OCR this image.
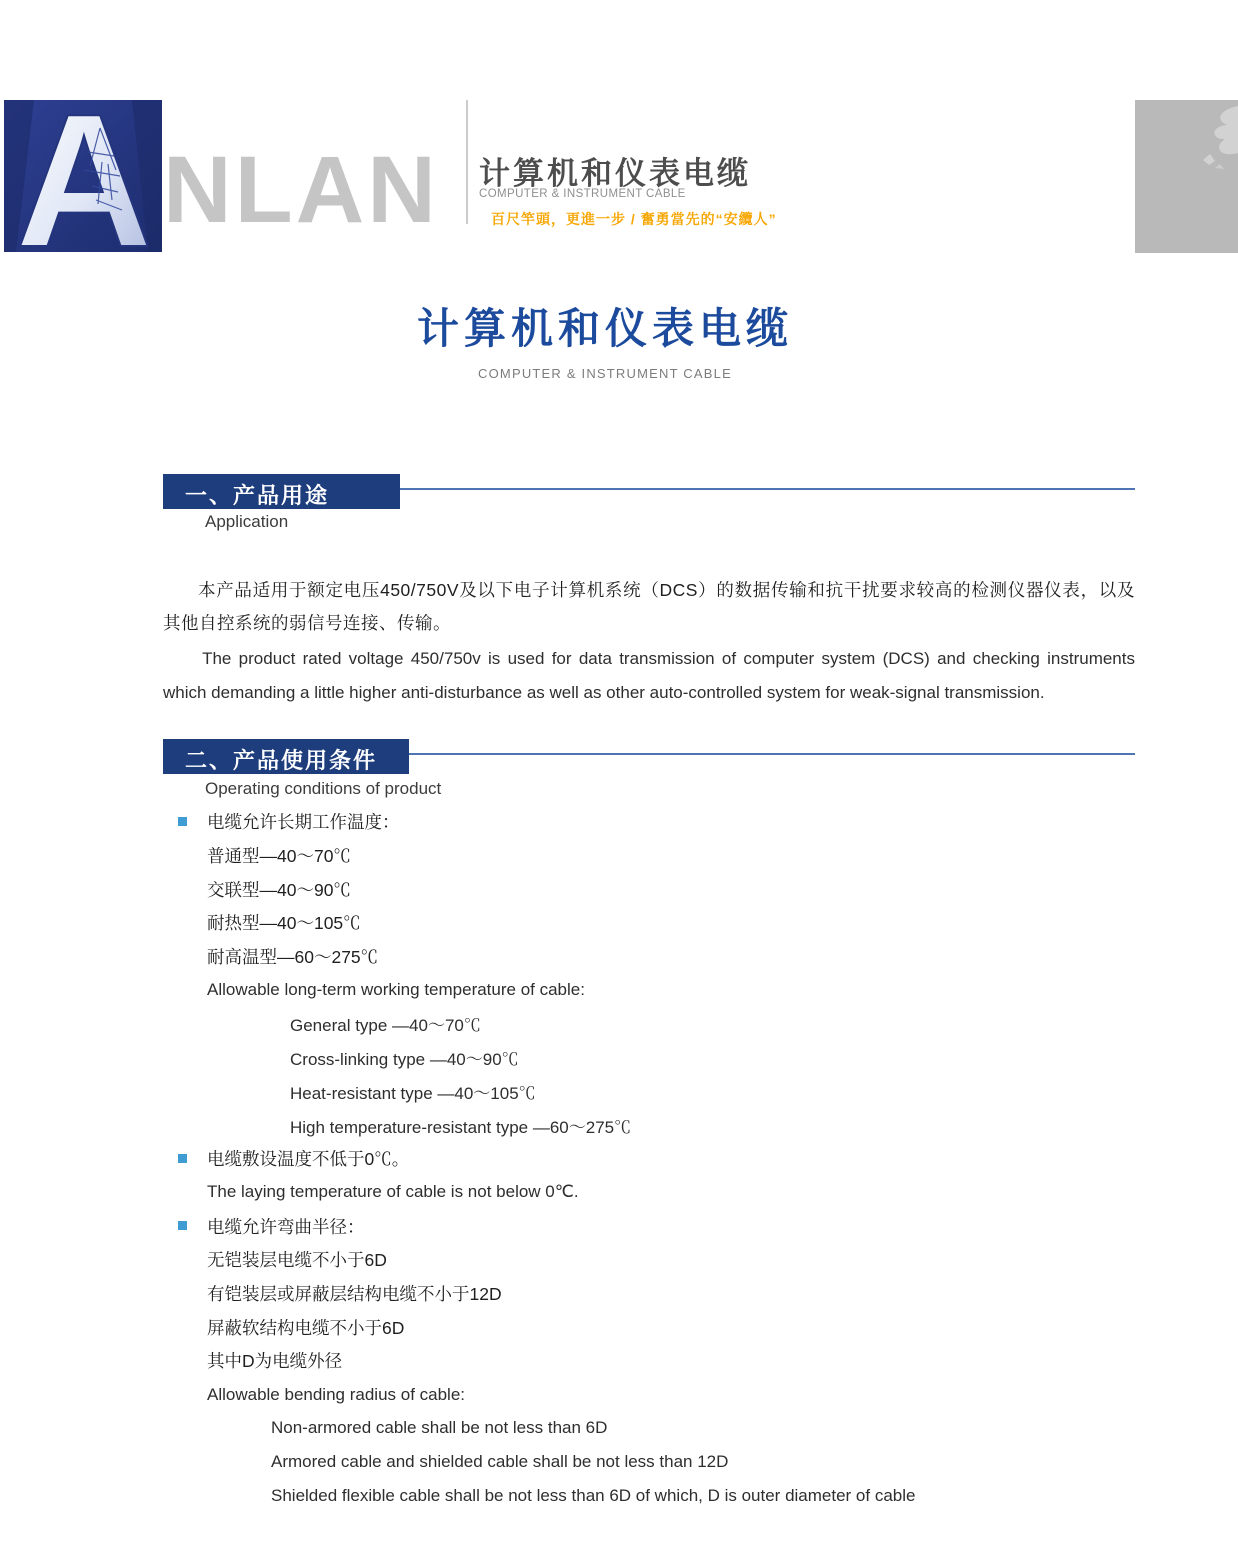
A NLAN 计算机和仪表电缆
COMPUTER & INSTRUMENT CABLE
百尺竿頭，更進一步 / 奮勇當先的“安纜人”
计算机和仪表电缆
COMPUTER & INSTRUMENT CABLE
一、产品用途
Application

本产品适用于额定电压450/750V及以下电子计算机系统（DCS）的数据传输和抗干扰要求较高的检测仪器仪表，以及其他自控系统的弱信号连接、传输。

The product rated voltage 450/750v is used for data transmission of computer system (DCS) and checking instruments which demanding a little higher anti-disturbance as well as other auto-controlled system for weak-signal transmission.

二、产品使用条件
Operating conditions of product
电缆允许长期工作温度：
普通型—40～70℃
交联型—40～90℃
耐热型—40～105℃
耐高温型—60～275℃
Allowable long-term working temperature of cable:
General type —40～70℃
Cross-linking type —40～90℃
Heat-resistant type —40～105℃
High temperature-resistant type —60～275℃
电缆敷设温度不低于0℃。
The laying temperature of cable is not below 0℃.
电缆允许弯曲半径：
无铠装层电缆不小于6D
有铠装层或屏蔽层结构电缆不小于12D
屏蔽软结构电缆不小于6D
其中D为电缆外径
Allowable bending radius of cable:
Non-armored cable shall be not less than 6D
Armored cable and shielded cable shall be not less than 12D
Shielded flexible cable shall be not less than 6D of which, D is outer diameter of cable
